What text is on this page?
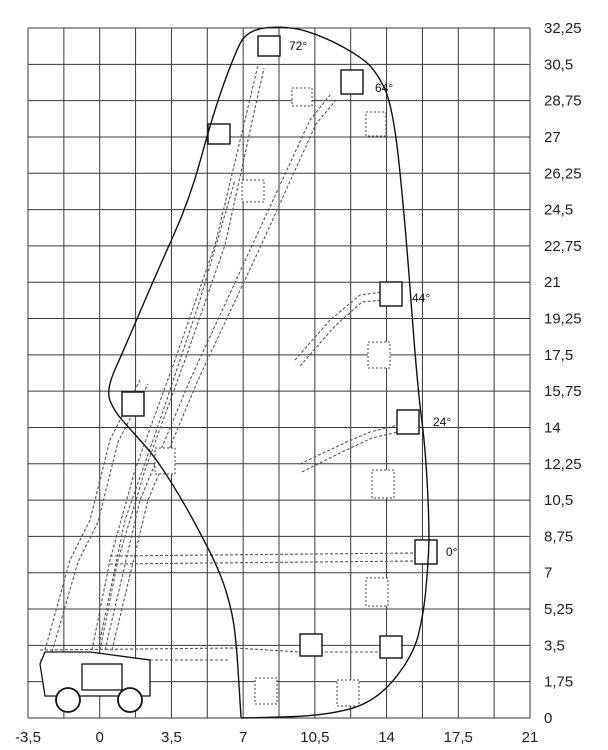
-3,5	0	3,5	7	10,5	14	17,5	21
32,25
30,5
28,75
27
26,25
24,5
22,75
21
19,25
17,5
15,75
14
12,25
10,5
8,75
7
5,25
3,5
1,75
0
72°
64°
44°
24°
0°
